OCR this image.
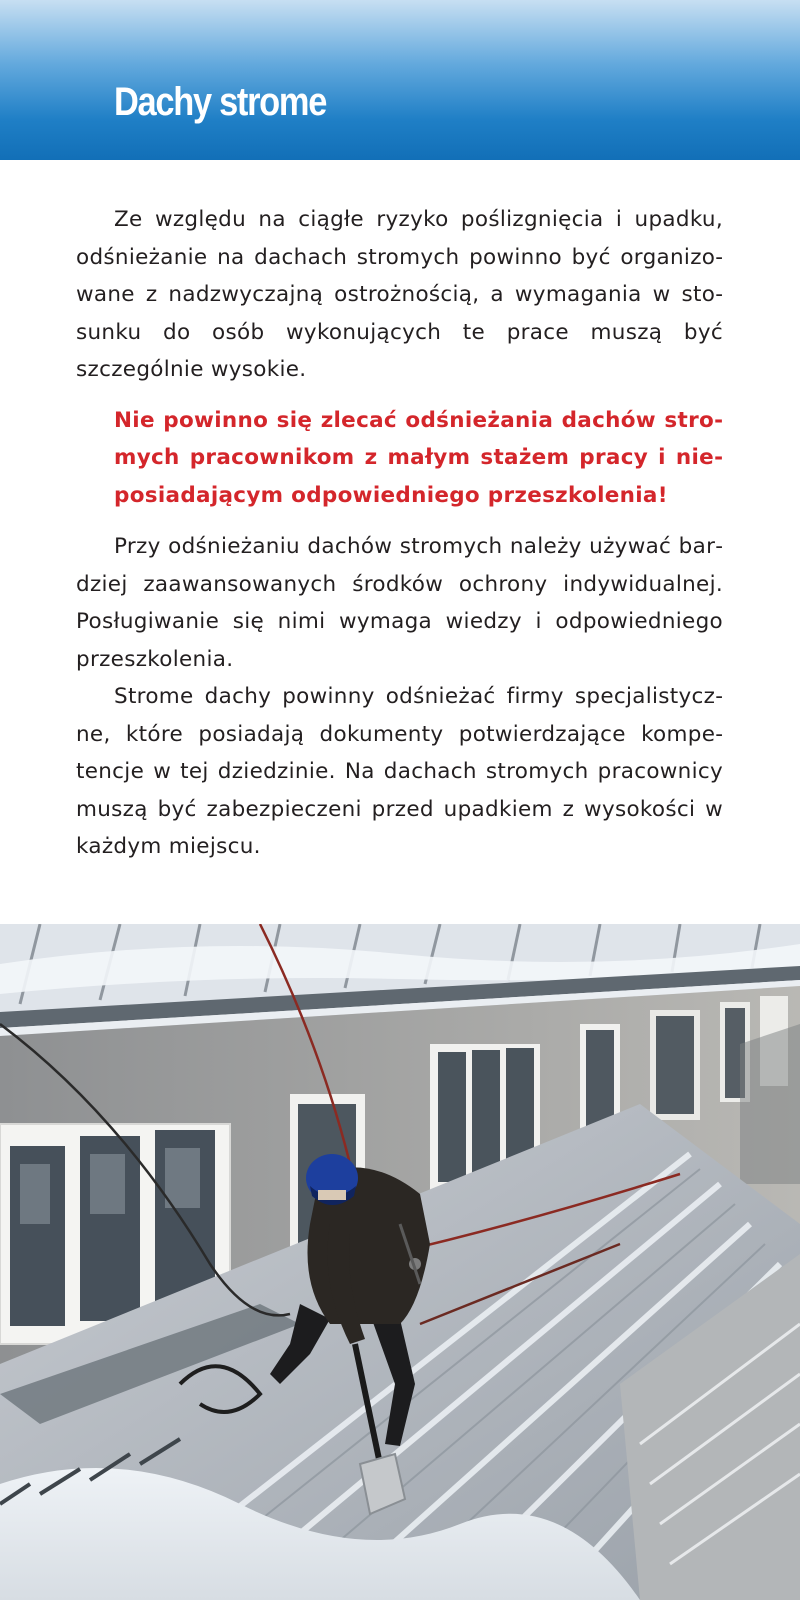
Dachy strome

Ze względu na ciągłe ryzyko poślizgnięcia i upadku, odśnieżanie na dachach stromych powinno być organizowane z nadzwyczajną ostrożnością, a wymagania w stosunku do osób wykonujących te prace muszą być szczególnie wysokie.

Nie powinno się zlecać odśnieżania dachów stromych pracownikom z małym stażem pracy i nieposiadającym odpowiedniego przeszkolenia!

Przy odśnieżaniu dachów stromych należy używać bardziej zaawansowanych środków ochrony indywidualnej. Posługiwanie się nimi wymaga wiedzy i odpowiedniego przeszkolenia.

Strome dachy powinny odśnieżać firmy specjalistyczne, które posiadają dokumenty potwierdzające kompetencje w tej dziedzinie. Na dachach stromych pracownicy muszą być zabezpieczeni przed upadkiem z wysokości w każdym miejscu.
